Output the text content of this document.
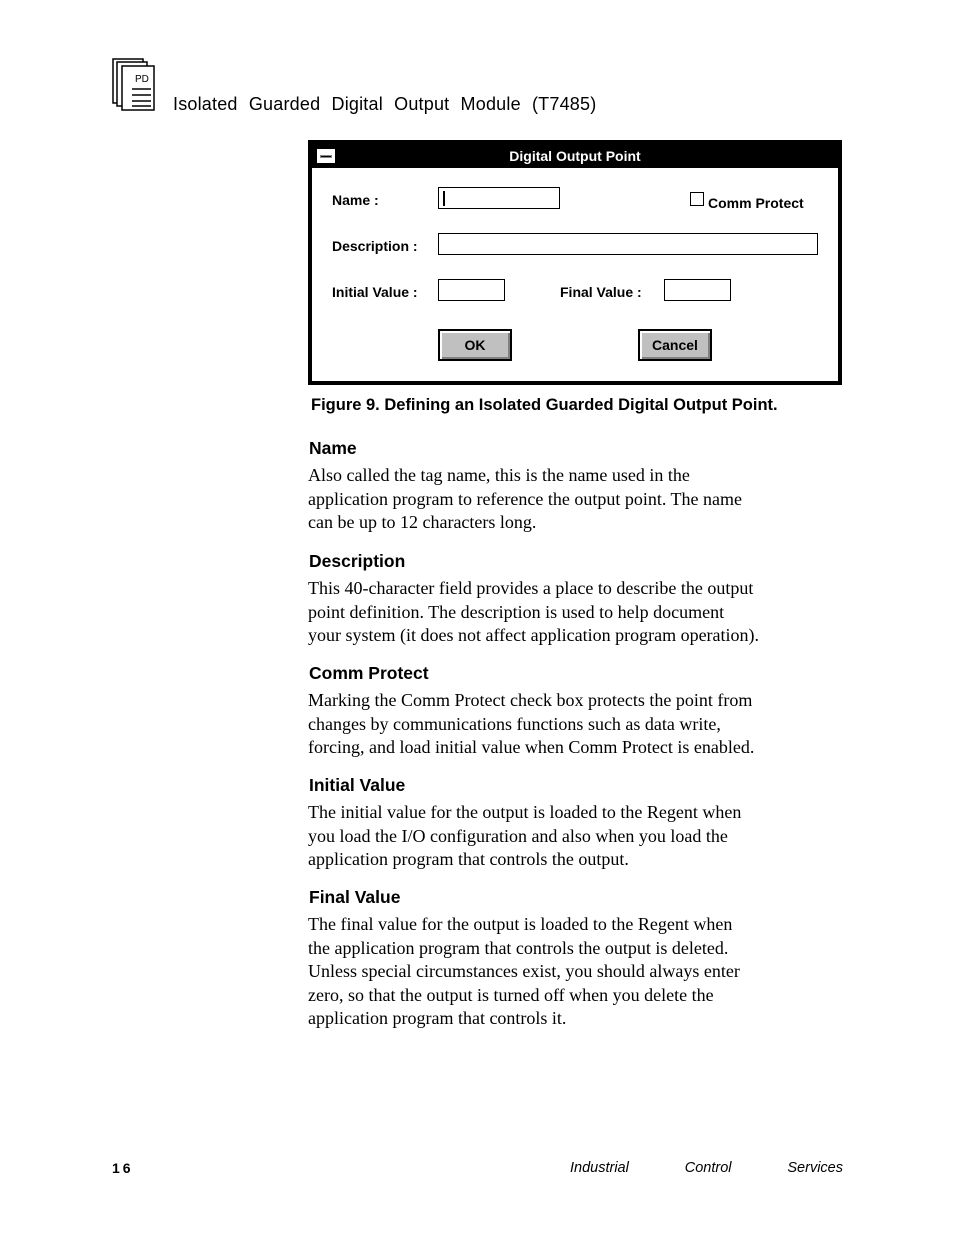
PD
Isolated Guarded Digital Output Module (T7485)
Digital Output Point
Name :	Comm Protect
Description :
Initial Value :	Final Value :
OK	Cancel
Figure 9. Defining an Isolated Guarded Digital Output Point.
Name

Also called the tag name, this is the name used in the
application program to reference the output point. The name
can be up to 12 characters long.

Description

This 40-character field provides a place to describe the output
point definition. The description is used to help document
your system (it does not affect application program operation).

Comm Protect

Marking the Comm Protect check box protects the point from
changes by communications functions such as data write,
forcing, and load initial value when Comm Protect is enabled.

Initial Value

The initial value for the output is loaded to the Regent when
you load the I/O configuration and also when you load the
application program that controls the output.

Final Value

The final value for the output is loaded to the Regent when
the application program that controls the output is deleted.
Unless special circumstances exist, you should always enter
zero, so that the output is turned off when you delete the
application program that controls it.

16	Industrial	Control	Services
